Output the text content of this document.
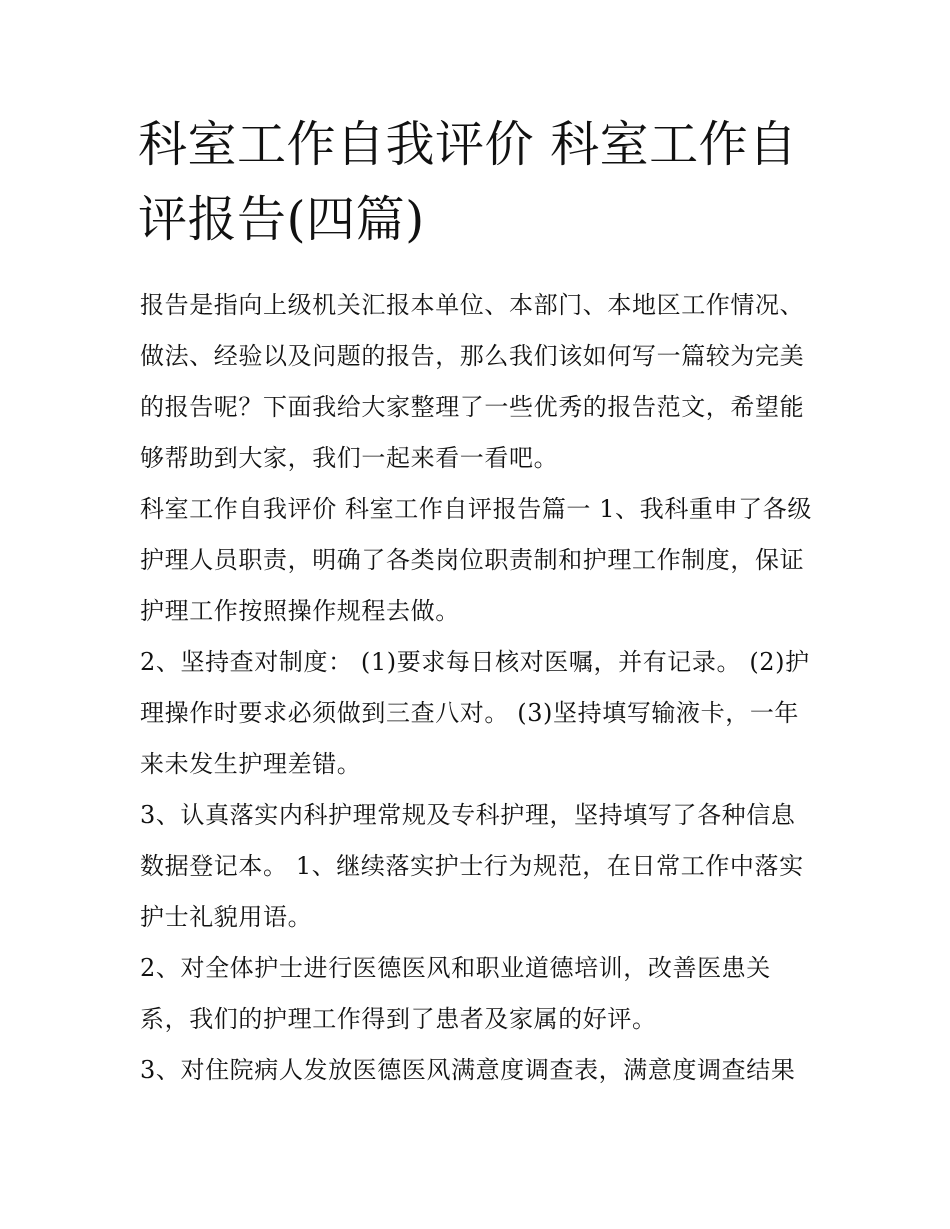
科室工作自我评价 科室工作自
评报告(四篇)
报告是指向上级机关汇报本单位、本部门、本地区工作情况、
做法、经验以及问题的报告，那么我们该如何写一篇较为完美
的报告呢？下面我给大家整理了一些优秀的报告范文，希望能
够帮助到大家，我们一起来看一看吧。
科室工作自我评价 科室工作自评报告篇一 1、我科重申了各级
护理人员职责，明确了各类岗位职责制和护理工作制度，保证
护理工作按照操作规程去做。
2、坚持查对制度： (1)要求每日核对医嘱，并有记录。 (2)护
理操作时要求必须做到三查八对。 (3)坚持填写输液卡，一年
来未发生护理差错。
3、认真落实内科护理常规及专科护理，坚持填写了各种信息
数据登记本。 1、继续落实护士行为规范，在日常工作中落实
护士礼貌用语。
2、对全体护士进行医德医风和职业道德培训，改善医患关
系，我们的护理工作得到了患者及家属的好评。
3、对住院病人发放医德医风满意度调查表，满意度调查结果
